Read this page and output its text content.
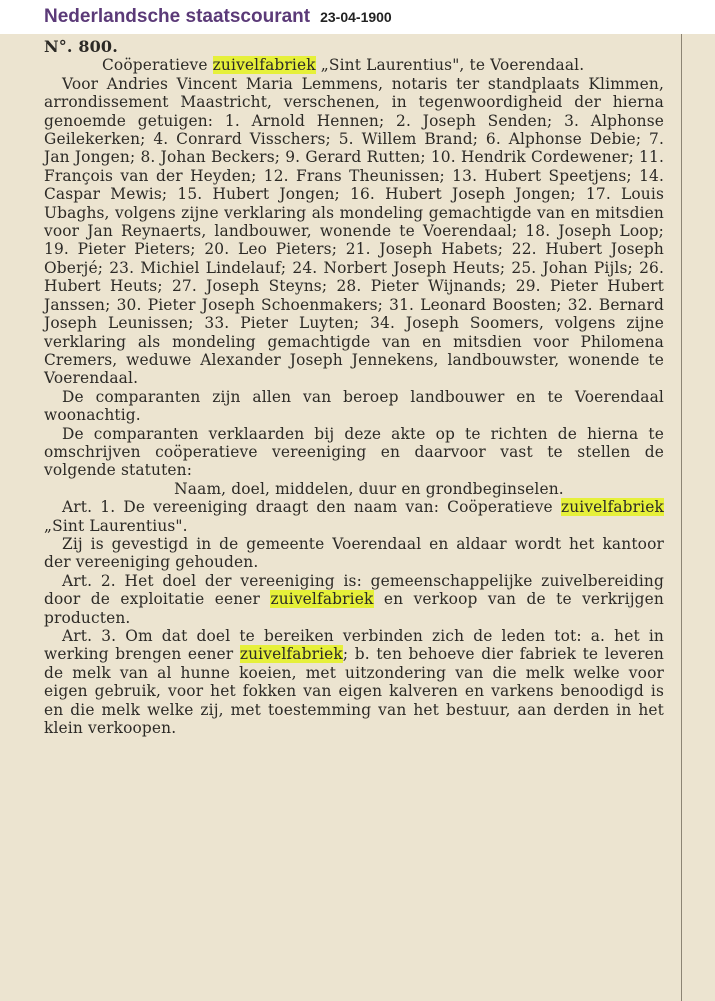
Nederlandsche staatscourant 23-04-1900

N°. 800.

Coöperatieve zuivelfabriek „Sint Laurentius", te Voerendaal.

Voor Andries Vincent Maria Lemmens, notaris ter standplaats Klimmen, arrondissement Maastricht, verschenen, in tegenwoordigheid der hierna genoemde getuigen: 1. Arnold Hennen; 2. Joseph Senden; 3. Alphonse Geilekerken; 4. Conrard Visschers; 5. Willem Brand; 6. Alphonse Debie; 7. Jan Jongen; 8. Johan Beckers; 9. Gerard Rutten; 10. Hendrik Cordewener; 11. François van der Heyden; 12. Frans Theunissen; 13. Hubert Speetjens; 14. Caspar Mewis; 15. Hubert Jongen; 16. Hubert Joseph Jongen; 17. Louis Ubaghs, volgens zijne verklaring als mondeling gemachtigde van en mitsdien voor Jan Reynaerts, landbouwer, wonende te Voerendaal; 18. Joseph Loop; 19. Pieter Pieters; 20. Leo Pieters; 21. Joseph Habets; 22. Hubert Joseph Oberjé; 23. Michiel Lindelauf; 24. Norbert Joseph Heuts; 25. Johan Pijls; 26. Hubert Heuts; 27. Joseph Steyns; 28. Pieter Wijnands; 29. Pieter Hubert Janssen; 30. Pieter Joseph Schoenmakers; 31. Leonard Boosten; 32. Bernard Joseph Leunissen; 33. Pieter Luyten; 34. Joseph Soomers, volgens zijne verklaring als mondeling gemachtigde van en mitsdien voor Philomena Cremers, weduwe Alexander Joseph Jennekens, landbouwster, wonende te Voerendaal.

De comparanten zijn allen van beroep landbouwer en te Voerendaal woonachtig.

De comparanten verklaarden bij deze akte op te richten de hierna te omschrijven coöperatieve vereeniging en daarvoor vast te stellen de volgende statuten:

Naam, doel, middelen, duur en grondbeginselen.

Art. 1. De vereeniging draagt den naam van: Coöperatieve zuivelfabriek „Sint Laurentius".

Zij is gevestigd in de gemeente Voerendaal en aldaar wordt het kantoor der vereeniging gehouden.

Art. 2. Het doel der vereeniging is: gemeenschappelijke zuivelbereiding door de exploitatie eener zuivelfabriek en verkoop van de te verkrijgen producten.

Art. 3. Om dat doel te bereiken verbinden zich de leden tot: a. het in werking brengen eener zuivelfabriek; b. ten behoeve dier fabriek te leveren de melk van al hunne koeien, met uitzondering van die melk welke voor eigen gebruik, voor het fokken van eigen kalveren en varkens benoodigd is en die melk welke zij, met toestemming van het bestuur, aan derden in het klein verkoopen.
